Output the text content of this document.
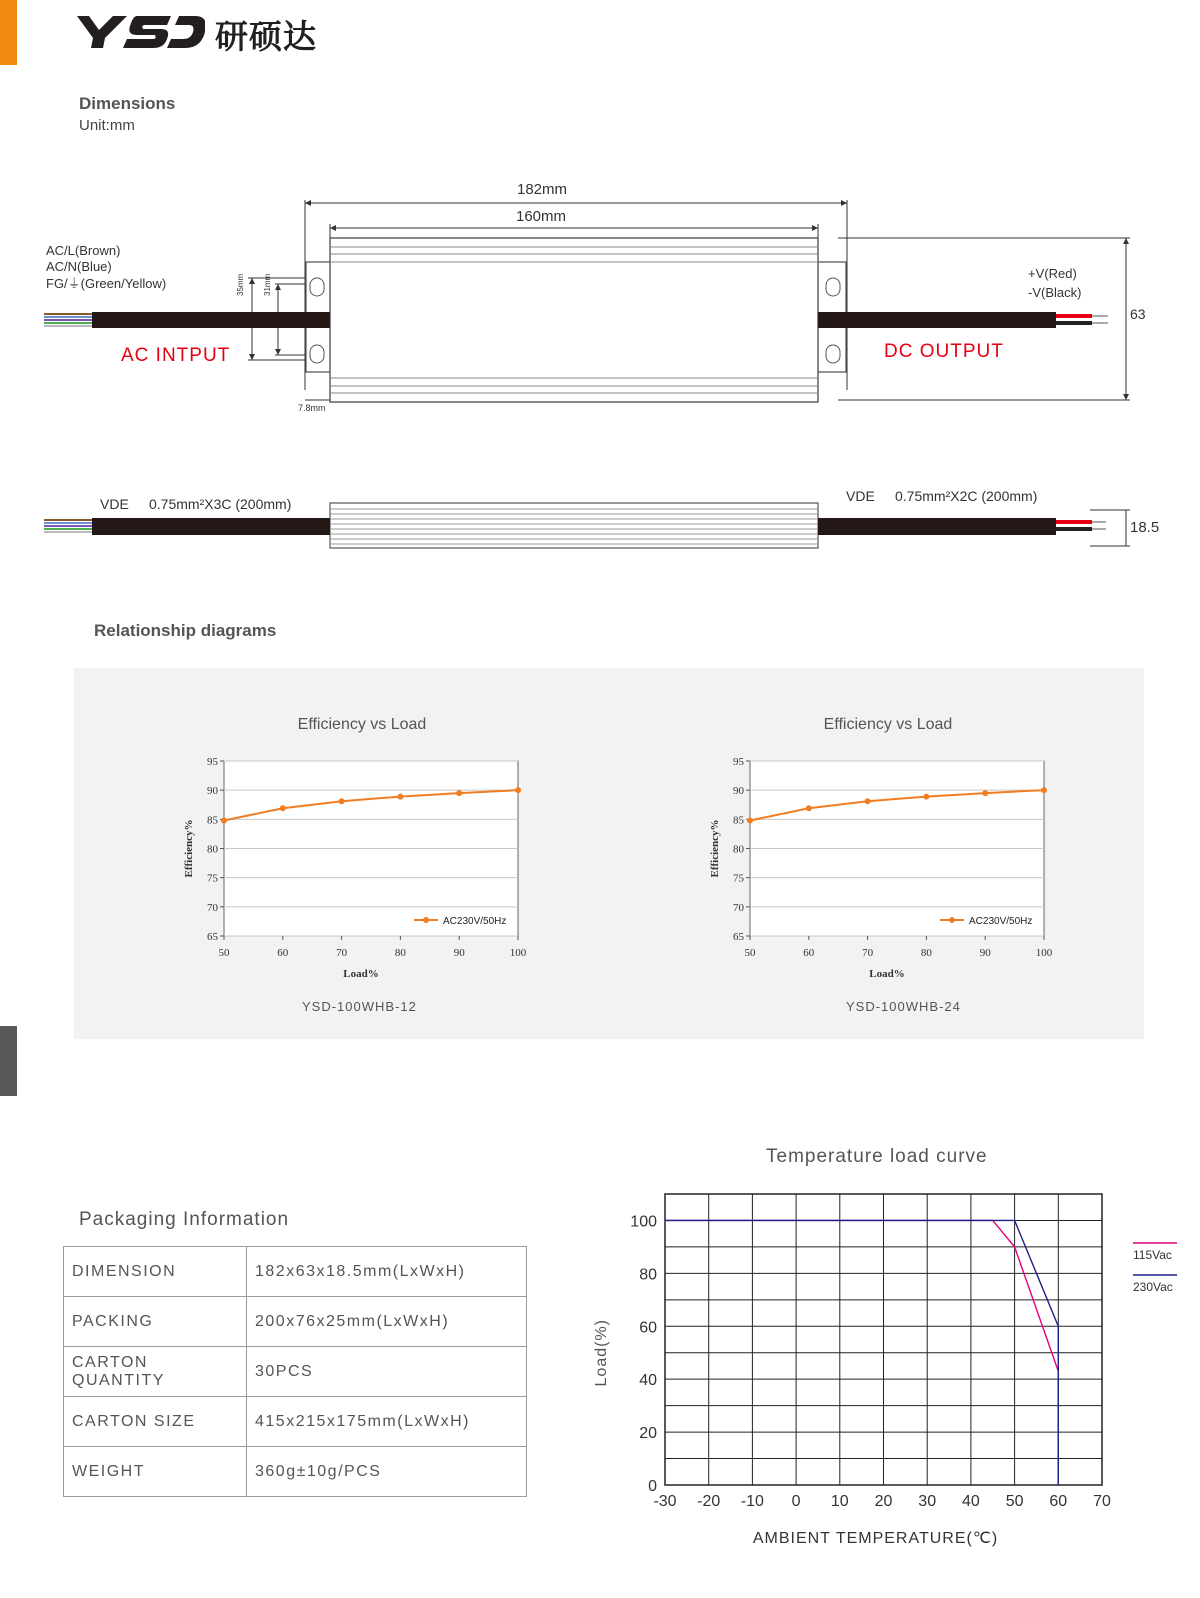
研硕达
Dimensions
Unit:mm
182mm
160mm
63
35mm	31mm
7.8mm
AC/L(Brown)
AC/N(Blue)
FG/⏚(Green/Yellow)
+V(Red)
-V(Black)
AC INTPUT	DC OUTPUT
VDE 0.75mm²X3C (200mm)	VDE 0.75mm²X2C (200mm)
18.5
Relationship diagrams
Efficiency vs Load	Efficiency vs Load
65
70
75
80
85
90
95
50	60	70	80	90	100
Load%
Efficiency%
AC230V/50Hz
65
70
75
80
85
90
95
50	60	70	80	90	100
Load%
Efficiency%
AC230V/50Hz
YSD-100WHB-12	YSD-100WHB-24
Packaging Information
DIMENSION	182x63x18.5mm(LxWxH)
PACKING	200x76x25mm(LxWxH)
CARTON QUANTITY	30PCS
CARTON SIZE	415x215x175mm(LxWxH)
WEIGHT	360g±10g/PCS
Temperature load curve
0
20
40
60
80
100
-30 -20 -10 0 10 20 30 40 50 60 70
AMBIENT TEMPERATURE(℃)
Load(%)
115Vac
230Vac
